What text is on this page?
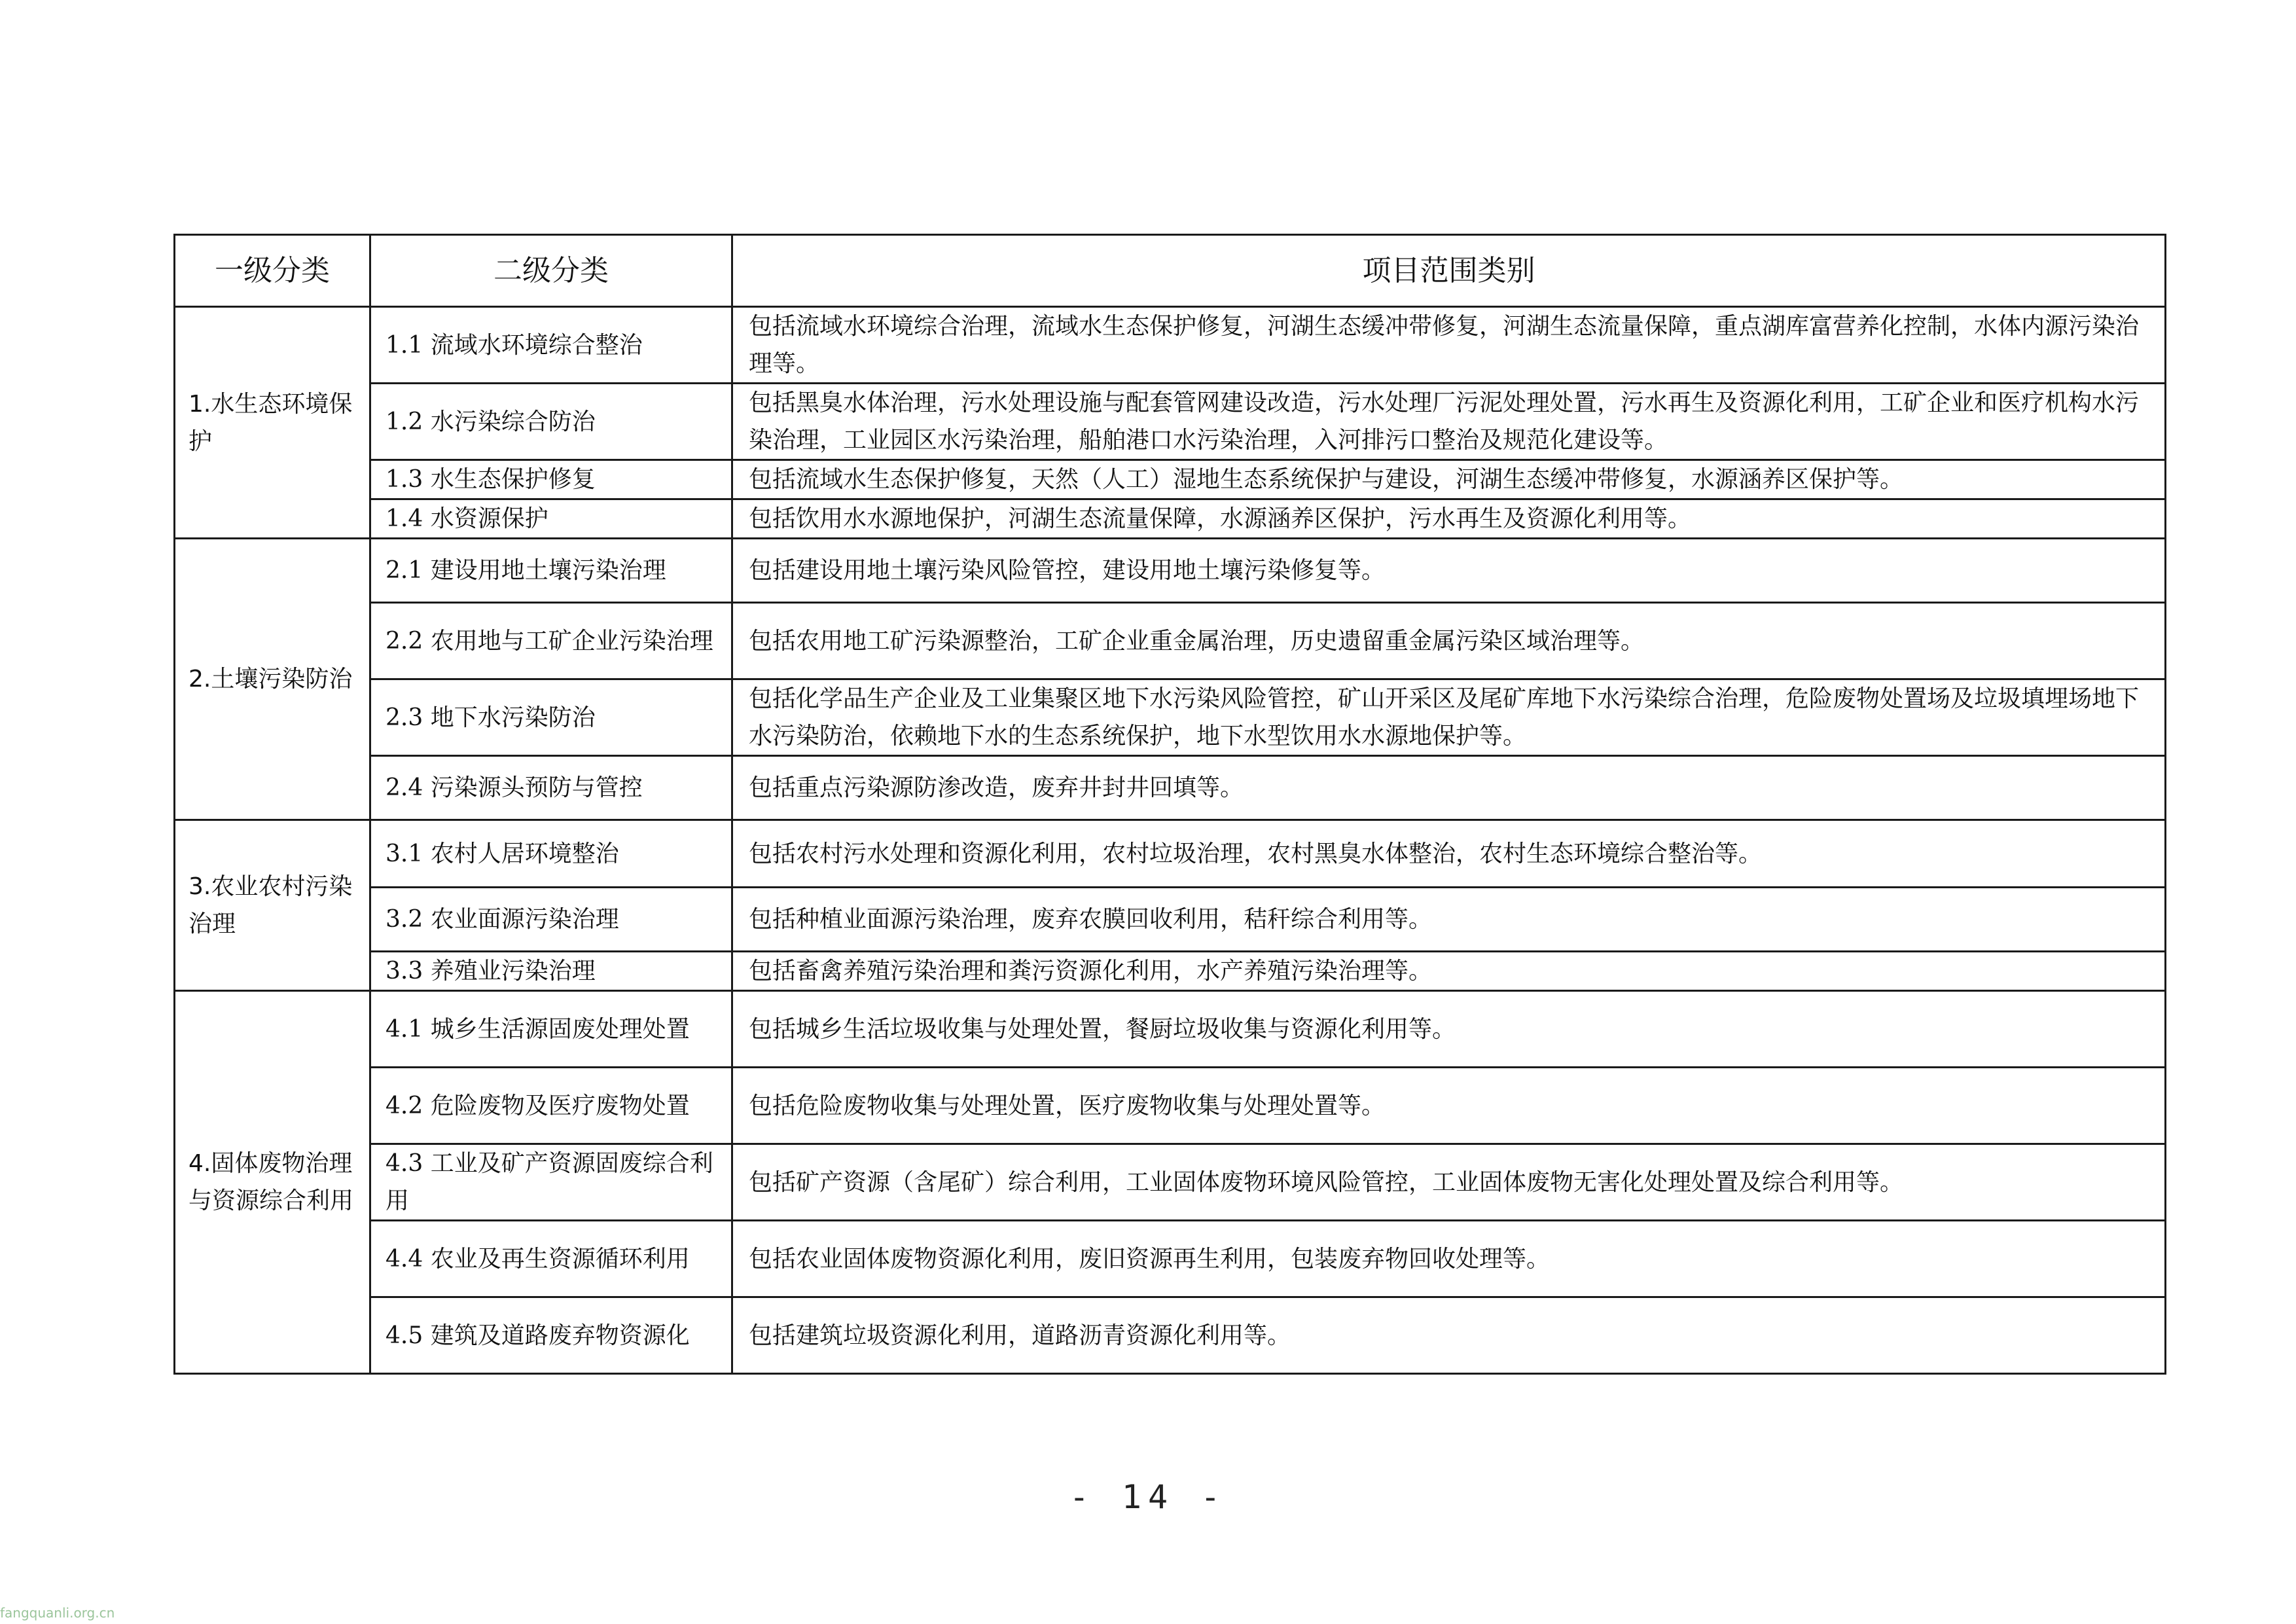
一级分类	二级分类	项目范围类别
1.水生态环境保护	1.1 流域水环境综合整治	包括流域水环境综合治理，流域水生态保护修复，河湖生态缓冲带修复，河湖生态流量保障，重点湖库富营养化控制，水体内源污染治理等。
	1.2 水污染综合防治	包括黑臭水体治理，污水处理设施与配套管网建设改造，污水处理厂污泥处理处置，污水再生及资源化利用，工矿企业和医疗机构水污染治理，工业园区水污染治理，船舶港口水污染治理，入河排污口整治及规范化建设等。
	1.3 水生态保护修复	包括流域水生态保护修复，天然（人工）湿地生态系统保护与建设，河湖生态缓冲带修复，水源涵养区保护等。
	1.4 水资源保护	包括饮用水水源地保护，河湖生态流量保障，水源涵养区保护，污水再生及资源化利用等。
2.土壤污染防治	2.1 建设用地土壤污染治理	包括建设用地土壤污染风险管控，建设用地土壤污染修复等。
	2.2 农用地与工矿企业污染治理	包括农用地工矿污染源整治，工矿企业重金属治理，历史遗留重金属污染区域治理等。
	2.3 地下水污染防治	包括化学品生产企业及工业集聚区地下水污染风险管控，矿山开采区及尾矿库地下水污染综合治理，危险废物处置场及垃圾填埋场地下水污染防治，依赖地下水的生态系统保护，地下水型饮用水水源地保护等。
	2.4 污染源头预防与管控	包括重点污染源防渗改造，废弃井封井回填等。
3.农业农村污染治理	3.1 农村人居环境整治	包括农村污水处理和资源化利用，农村垃圾治理，农村黑臭水体整治，农村生态环境综合整治等。
	3.2 农业面源污染治理	包括种植业面源污染治理，废弃农膜回收利用，秸秆综合利用等。
	3.3 养殖业污染治理	包括畜禽养殖污染治理和粪污资源化利用，水产养殖污染治理等。
4.固体废物治理与资源综合利用	4.1 城乡生活源固废处理处置	包括城乡生活垃圾收集与处理处置，餐厨垃圾收集与资源化利用等。
	4.2 危险废物及医疗废物处置	包括危险废物收集与处理处置，医疗废物收集与处理处置等。
	4.3 工业及矿产资源固废综合利用	包括矿产资源（含尾矿）综合利用，工业固体废物环境风险管控，工业固体废物无害化处理处置及综合利用等。
	4.4 农业及再生资源循环利用	包括农业固体废物资源化利用，废旧资源再生利用，包装废弃物回收处理等。
	4.5 建筑及道路废弃物资源化	包括建筑垃圾资源化利用，道路沥青资源化利用等。
- 14 -
fangquanli.org.cn
